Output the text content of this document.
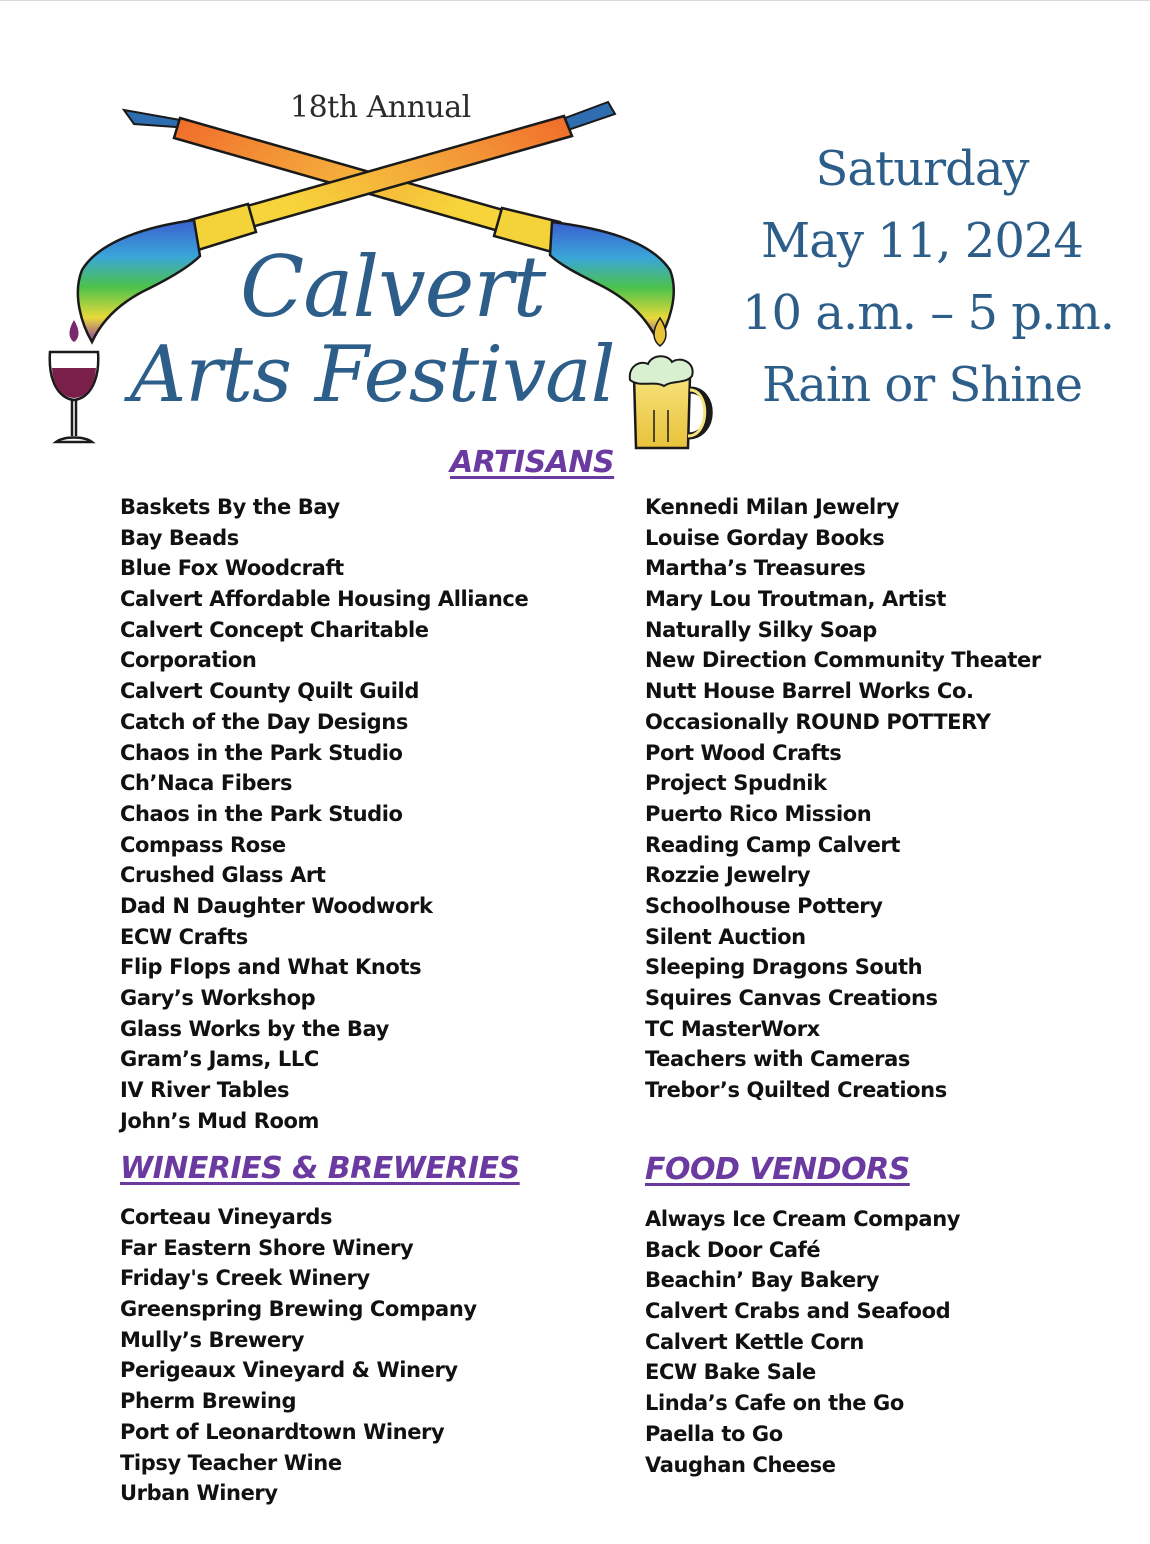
18th Annual
Calvert
Arts Festival
Saturday
May 11, 2024
10 a.m. – 5 p.m.
Rain or Shine
ARTISANS
WINERIES & BREWERIES	FOOD VENDORS
Baskets By the Bay
Bay Beads
Blue Fox Woodcraft
Calvert Affordable Housing Alliance
Calvert Concept Charitable
Corporation
Calvert County Quilt Guild
Catch of the Day Designs
Chaos in the Park Studio
Ch’Naca Fibers
Chaos in the Park Studio
Compass Rose
Crushed Glass Art
Dad N Daughter Woodwork
ECW Crafts
Flip Flops and What Knots
Gary’s Workshop
Glass Works by the Bay
Gram’s Jams, LLC
IV River Tables
John’s Mud Room
Kennedi Milan Jewelry
Louise Gorday Books
Martha’s Treasures
Mary Lou Troutman, Artist
Naturally Silky Soap
New Direction Community Theater
Nutt House Barrel Works Co.
Occasionally ROUND POTTERY
Port Wood Crafts
Project Spudnik
Puerto Rico Mission
Reading Camp Calvert
Rozzie Jewelry
Schoolhouse Pottery
Silent Auction
Sleeping Dragons South
Squires Canvas Creations
TC MasterWorx
Teachers with Cameras
Trebor’s Quilted Creations
Corteau Vineyards
Far Eastern Shore Winery
Friday's Creek Winery
Greenspring Brewing Company
Mully’s Brewery
Perigeaux Vineyard & Winery
Pherm Brewing
Port of Leonardtown Winery
Tipsy Teacher Wine
Urban Winery
Always Ice Cream Company
Back Door Café
Beachin’ Bay Bakery
Calvert Crabs and Seafood
Calvert Kettle Corn
ECW Bake Sale
Linda’s Cafe on the Go
Paella to Go
Vaughan Cheese
